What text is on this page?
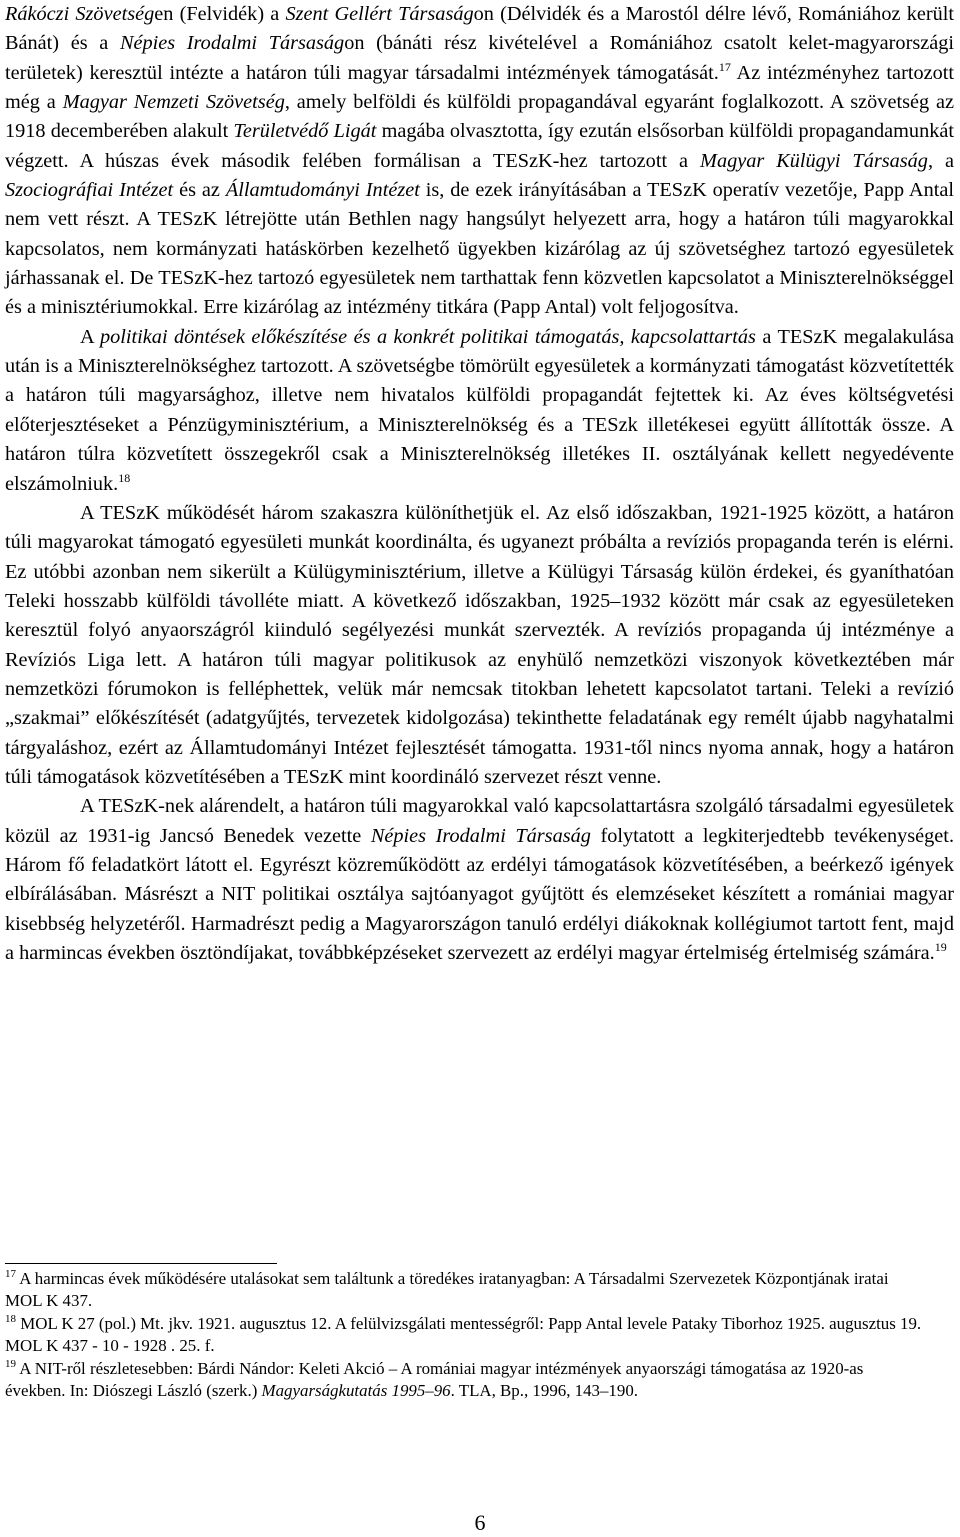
Rákóczi Szövetségen (Felvidék) a Szent Gellért Társaságon (Délvidék és a Marostól délre lévő, Romániához került Bánát) és a Népies Irodalmi Társaságon (bánáti rész kivételével a Romániához csatolt kelet-magyarországi területek) keresztül intézte a határon túli magyar társadalmi intézmények támogatását.$^{17}$ Az intézményhez tartozott még a Magyar Nemzeti Szövetség, amely belföldi és külföldi propagandával egyaránt foglalkozott. A szövetség az 1918 decemberében alakult Területvédő Ligát magába olvasztotta, így ezután elsősorban külföldi propagandamunkát végzett. A húszas évek második felében formálisan a TESzK-hez tartozott a Magyar Külügyi Társaság, a Szociográfiai Intézet és az Államtudományi Intézet is, de ezek irányításában a TESzK operatív vezetője, Papp Antal nem vett részt. A TESzK létrejötte után Bethlen nagy hangsúlyt helyezett arra, hogy a határon túli magyarokkal kapcsolatos, nem kormányzati hatáskörben kezelhető ügyekben kizárólag az új szövetséghez tartozó egyesületek járhassanak el. De TESzK-hez tartozó egyesületek nem tarthattak fenn közvetlen kapcsolatot a Miniszterelnökséggel és a minisztériumokkal. Erre kizárólag az intézmény titkára (Papp Antal) volt feljogosítva.

A politikai döntések előkészítése és a konkrét politikai támogatás, kapcsolattartás a TESzK megalakulása után is a Miniszterelnökséghez tartozott. A szövetségbe tömörült egyesületek a kormányzati támogatást közvetítették a határon túli magyarsághoz, illetve nem hivatalos külföldi propagandát fejtettek ki. Az éves költségvetési előterjesztéseket a Pénzügyminisztérium, a Miniszterelnökség és a TESzk illetékesei együtt állították össze. A határon túlra közvetített összegekről csak a Miniszterelnökség illetékes II. osztályának kellett negyedévente elszámolniuk.$^{18}$

A TESzK működését három szakaszra különíthetjük el. Az első időszakban, 1921-1925 között, a határon túli magyarokat támogató egyesületi munkát koordinálta, és ugyanezt próbálta a revíziós propaganda terén is elérni. Ez utóbbi azonban nem sikerült a Külügyminisztérium, illetve a Külügyi Társaság külön érdekei, és gyaníthatóan Teleki hosszabb külföldi távolléte miatt. A következő időszakban, 1925–1932 között már csak az egyesületeken keresztül folyó anyaországról kiinduló segélyezési munkát szervezték. A revíziós propaganda új intézménye a Revíziós Liga lett. A határon túli magyar politikusok az enyhülő nemzetközi viszonyok következtében már nemzetközi fórumokon is felléphettek, velük már nemcsak titokban lehetett kapcsolatot tartani. Teleki a revízió „szakmai” előkészítését (adatgyűjtés, tervezetek kidolgozása) tekinthette feladatának egy remélt újabb nagyhatalmi tárgyaláshoz, ezért az Államtudományi Intézet fejlesztését támogatta. 1931-től nincs nyoma annak, hogy a határon túli támogatások közvetítésében a TESzK mint koordináló szervezet részt venne.

A TESzK-nek alárendelt, a határon túli magyarokkal való kapcsolattartásra szolgáló társadalmi egyesületek közül az 1931-ig Jancsó Benedek vezette Népies Irodalmi Társaság folytatott a legkiterjedtebb tevékenységet. Három fő feladatkört látott el. Egyrészt közreműködött az erdélyi támogatások közvetítésében, a beérkező igények elbírálásában. Másrészt a NIT politikai osztálya sajtóanyagot gyűjtött és elemzéseket készített a romániai magyar kisebbség helyzetéről. Harmadrészt pedig a Magyarországon tanuló erdélyi diákoknak kollégiumot tartott fent, majd a harmincas években ösztöndíjakat, továbbképzéseket szervezett az erdélyi magyar értelmiség értelmiség számára.$^{19}$

$^{17}$ A harmincas évek működésére utalásokat sem találtunk a töredékes iratanyagban: A Társadalmi Szervezetek Központjának iratai MOL K 437.

$^{18}$ MOL K 27 (pol.) Mt. jkv. 1921. augusztus 12. A felülvizsgálati mentességről: Papp Antal levele Pataky Tiborhoz 1925. augusztus 19. MOL K 437 - 10 - 1928 . 25. f.

$^{19}$ A NIT-ről részletesebben: Bárdi Nándor: Keleti Akció – A romániai magyar intézmények anyaországi támogatása az 1920-as években. In: Diószegi László (szerk.) Magyarságkutatás 1995–96. TLA, Bp., 1996, 143–190.

6
